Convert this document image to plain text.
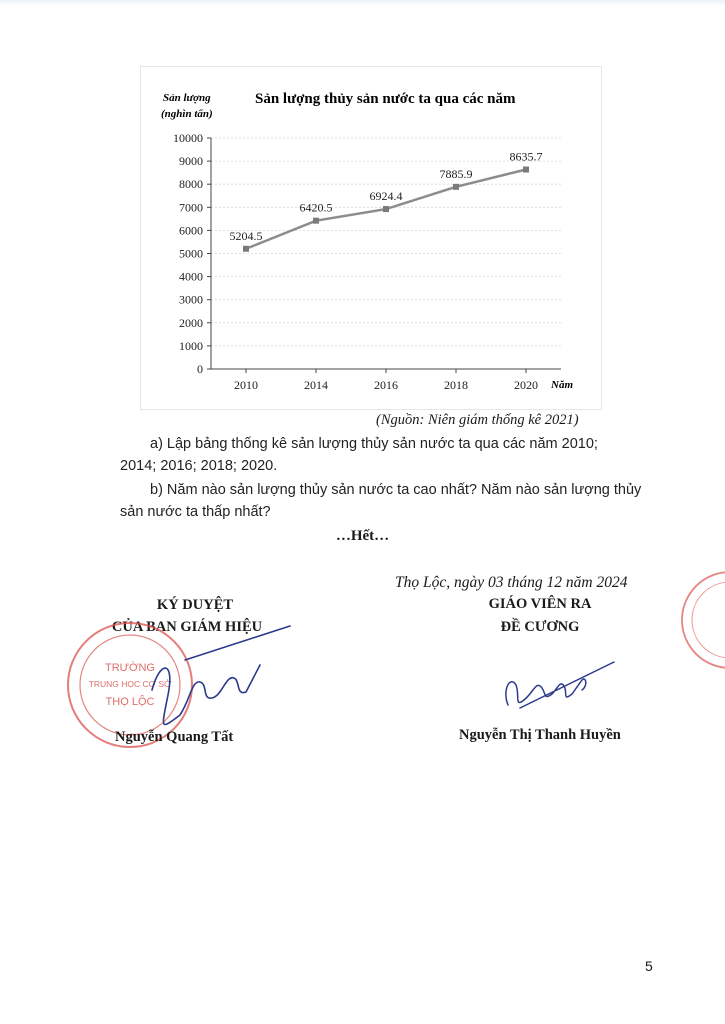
Sản lượng
(nghìn tấn)
Sản lượng thủy sản nước ta qua các năm
Năm
0
1000
2000
3000
4000
5000
6000
7000
8000
9000
10000
2010	2014	2016	2018	2020
5204.5
6420.5
6924.4
7885.9
8635.7
(Nguồn: Niên giám thống kê 2021)
a) Lập bảng thống kê sản lượng thủy sản nước ta qua các năm 2010; 2014; 2016; 2018; 2020.
b) Năm nào sản lượng thủy sản nước ta cao nhất? Năm nào sản lượng thủy sản nước ta thấp nhất?
…Hết…
Thọ Lộc, ngày 03 tháng 12 năm 2024
KÝ DUYỆT
CỦA BAN GIÁM HIỆU
GIÁO VIÊN RA
ĐỀ CƯƠNG
TRƯỜNG
TRUNG HỌC CƠ SỞ
THỌ LỘC
Nguyễn Quang Tất	Nguyễn Thị Thanh Huyền
5
